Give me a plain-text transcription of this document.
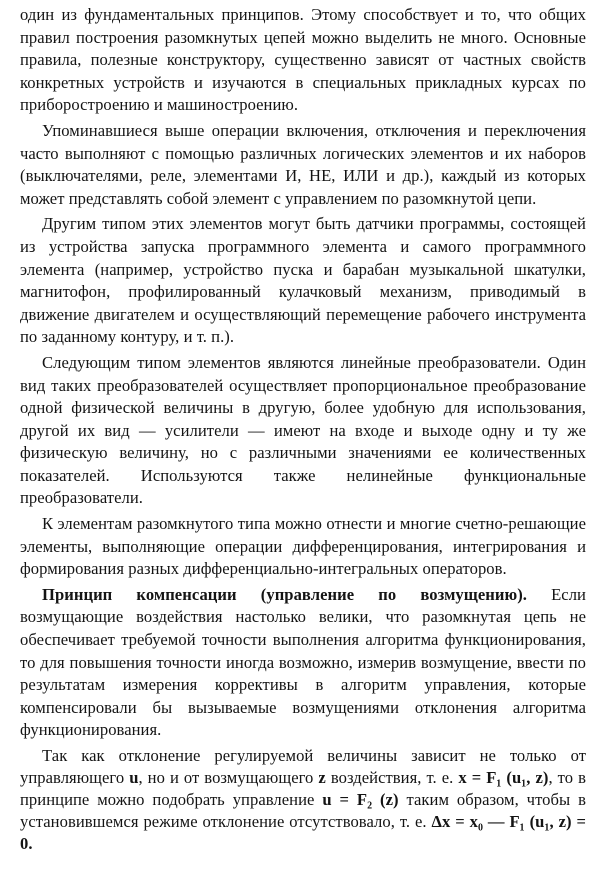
один из фундаментальных принципов. Этому способствует и то, что общих правил построения разомкнутых цепей можно выделить не много. Основные правила, полезные конструктору, существенно зависят от частных свойств конкретных устройств и изучаются в специальных прикладных курсах по приборостроению и машиностроению.

Упоминавшиеся выше операции включения, отключения и переключения часто выполняют с помощью различных логических элементов и их наборов (выключателями, реле, элементами И, НЕ, ИЛИ и др.), каждый из которых может представлять собой элемент с управлением по разомкнутой цепи.

Другим типом этих элементов могут быть датчики программы, состоящей из устройства запуска программного элемента и самого программного элемента (например, устройство пуска и барабан музыкальной шкатулки, магнитофон, профилированный кулачковый механизм, приводимый в движение двигателем и осуществляющий перемещение рабочего инструмента по заданному контуру, и т. п.).

Следующим типом элементов являются линейные преобразователи. Один вид таких преобразователей осуществляет пропорциональное преобразование одной физической величины в другую, более удобную для использования, другой их вид — усилители — имеют на входе и выходе одну и ту же физическую величину, но с различными значениями ее количественных показателей. Используются также нелинейные функциональные преобразователи.

К элементам разомкнутого типа можно отнести и многие счетно-решающие элементы, выполняющие операции дифференцирования, интегрирования и формирования разных дифференциально-интегральных операторов.

Принцип компенсации (управление по возмущению). Если возмущающие воздействия настолько велики, что разомкнутая цепь не обеспечивает требуемой точности выполнения алгоритма функционирования, то для повышения точности иногда возможно, измерив возмущение, ввести по результатам измерения коррективы в алгоритм управления, которые компенсировали бы вызываемые возмущениями отклонения алгоритма функционирования.

Так как отклонение регулируемой величины зависит не только от управляющего u, но и от возмущающего z воздействия, т. е. x = F₁ (u₁, z), то в принципе можно подобрать управление u = F₂ (z) таким образом, чтобы в установившемся режиме отклонение отсутствовало, т. е. Δx = x₀ — F₁ (u₁, z) = 0.
